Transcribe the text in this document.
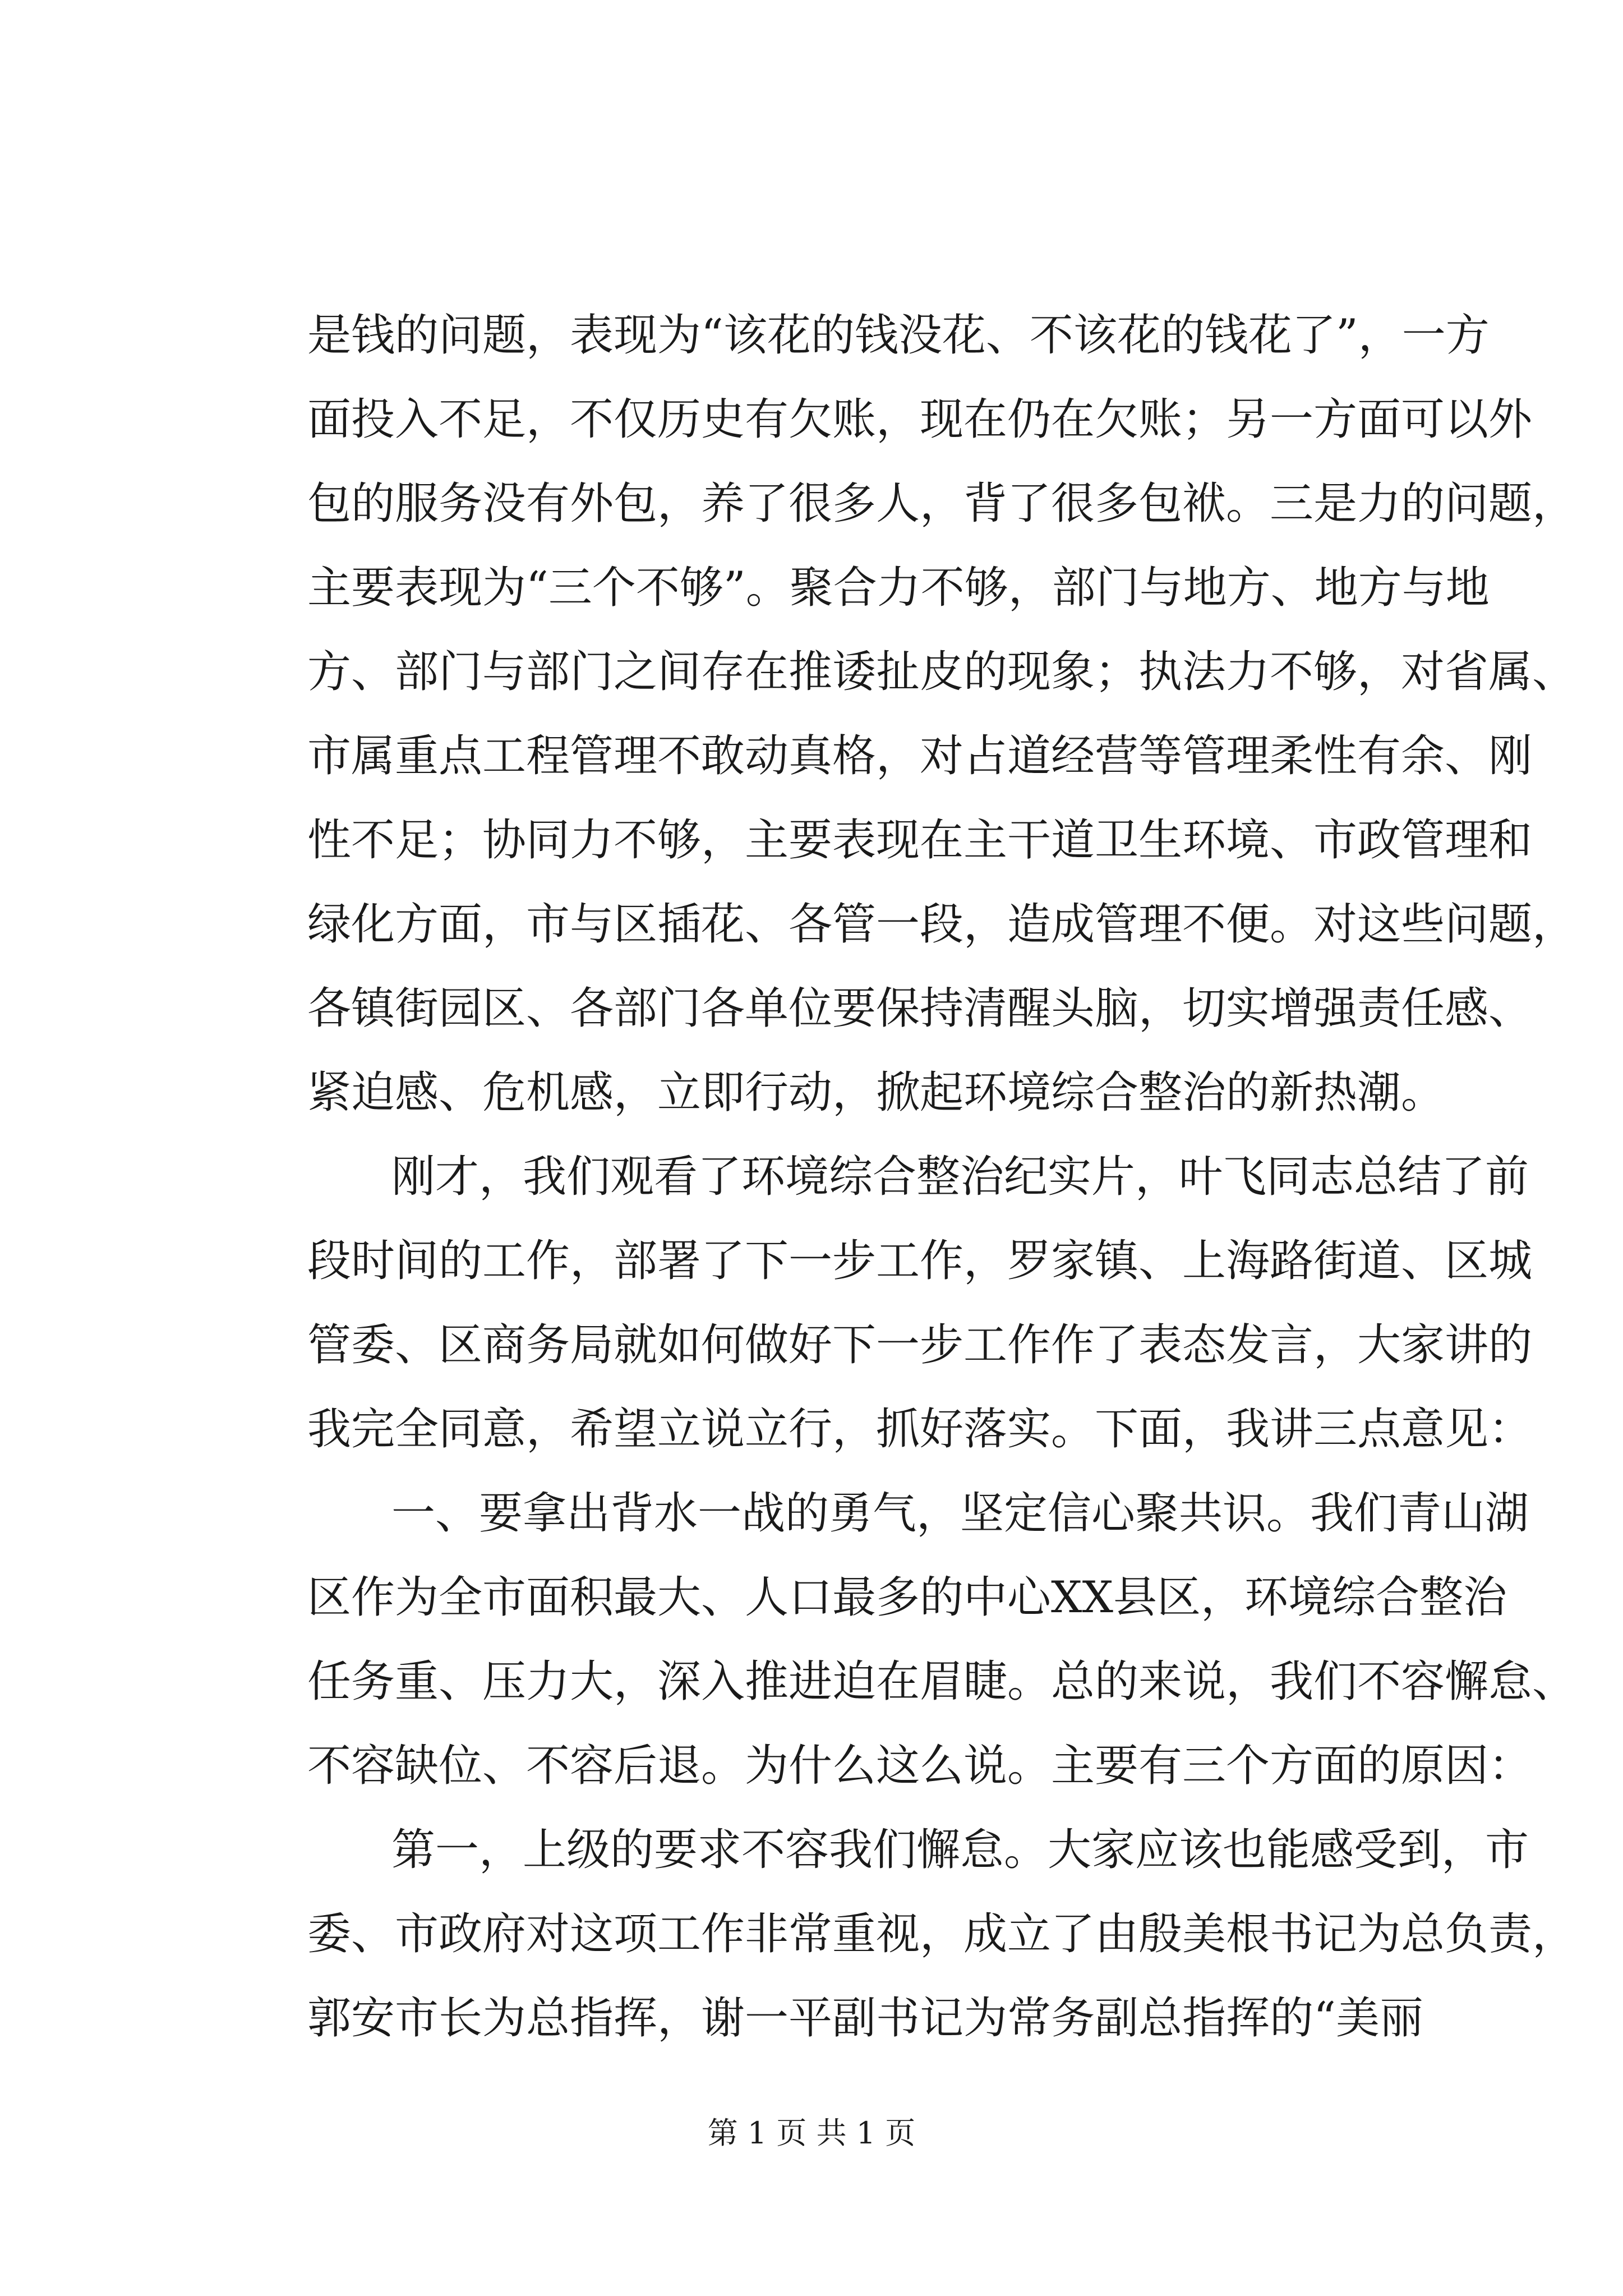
是钱的问题，表现为“该花的钱没花、不该花的钱花了”，一方
面投入不足，不仅历史有欠账，现在仍在欠账；另一方面可以外
包的服务没有外包，养了很多人，背了很多包袱。三是力的问题，
主要表现为“三个不够”。聚合力不够，部门与地方、地方与地
方、部门与部门之间存在推诿扯皮的现象；执法力不够，对省属、
市属重点工程管理不敢动真格，对占道经营等管理柔性有余、刚
性不足；协同力不够，主要表现在主干道卫生环境、市政管理和
绿化方面，市与区插花、各管一段，造成管理不便。对这些问题，
各镇街园区、各部门各单位要保持清醒头脑，切实增强责任感、
紧迫感、危机感，立即行动，掀起环境综合整治的新热潮。
刚才，我们观看了环境综合整治纪实片，叶飞同志总结了前
段时间的工作，部署了下一步工作，罗家镇、上海路街道、区城
管委、区商务局就如何做好下一步工作作了表态发言，大家讲的
我完全同意，希望立说立行，抓好落实。下面，我讲三点意见：
一、要拿出背水一战的勇气，坚定信心聚共识。我们青山湖
区作为全市面积最大、人口最多的中心XX县区，环境综合整治
任务重、压力大，深入推进迫在眉睫。总的来说，我们不容懈怠、
不容缺位、不容后退。为什么这么说。主要有三个方面的原因：
第一，上级的要求不容我们懈怠。大家应该也能感受到，市
委、市政府对这项工作非常重视，成立了由殷美根书记为总负责，
郭安市长为总指挥，谢一平副书记为常务副总指挥的“美丽
第 1 页 共 1 页
